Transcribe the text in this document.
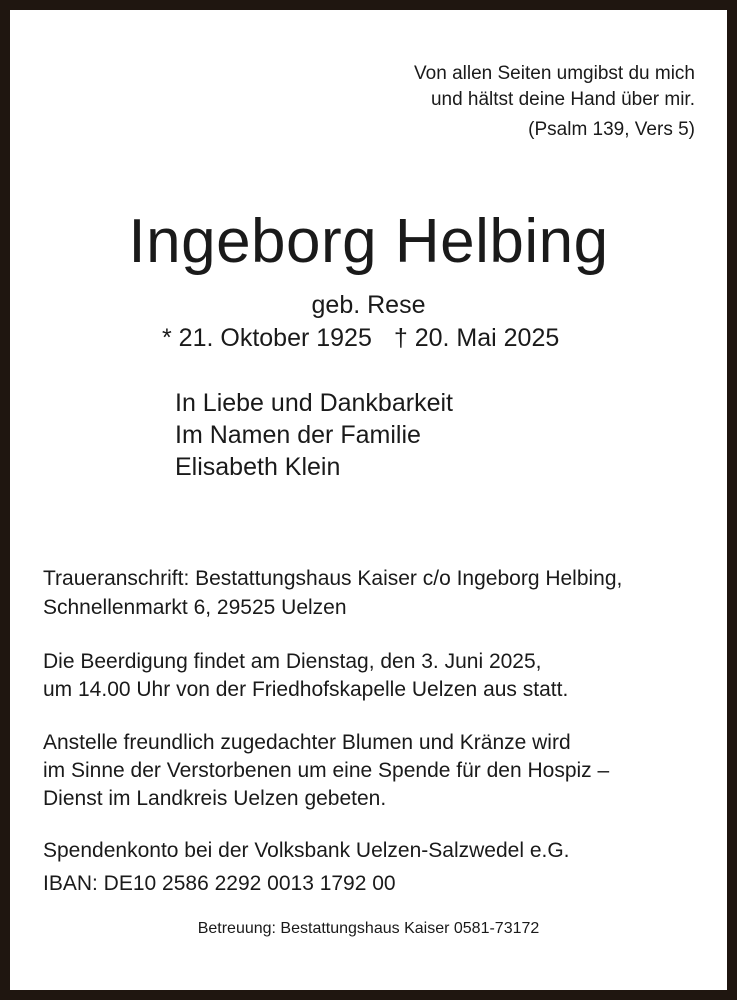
Von allen Seiten umgibst du mich
und hältst deine Hand über mir.
(Psalm 139, Vers 5)
Ingeborg Helbing
geb. Rese
* 21. Oktober 1925 † 20. Mai 2025
In Liebe und Dankbarkeit
Im Namen der Familie
Elisabeth Klein
Traueranschrift: Bestattungshaus Kaiser c/o Ingeborg Helbing,
Schnellenmarkt 6, 29525 Uelzen
Die Beerdigung findet am Dienstag, den 3. Juni 2025,
um 14.00 Uhr von der Friedhofskapelle Uelzen aus statt.
Anstelle freundlich zugedachter Blumen und Kränze wird
im Sinne der Verstorbenen um eine Spende für den Hospiz –
Dienst im Landkreis Uelzen gebeten.
Spendenkonto bei der Volksbank Uelzen-Salzwedel e.G.
IBAN: DE10 2586 2292 0013 1792 00
Betreuung: Bestattungshaus Kaiser 0581-73172
